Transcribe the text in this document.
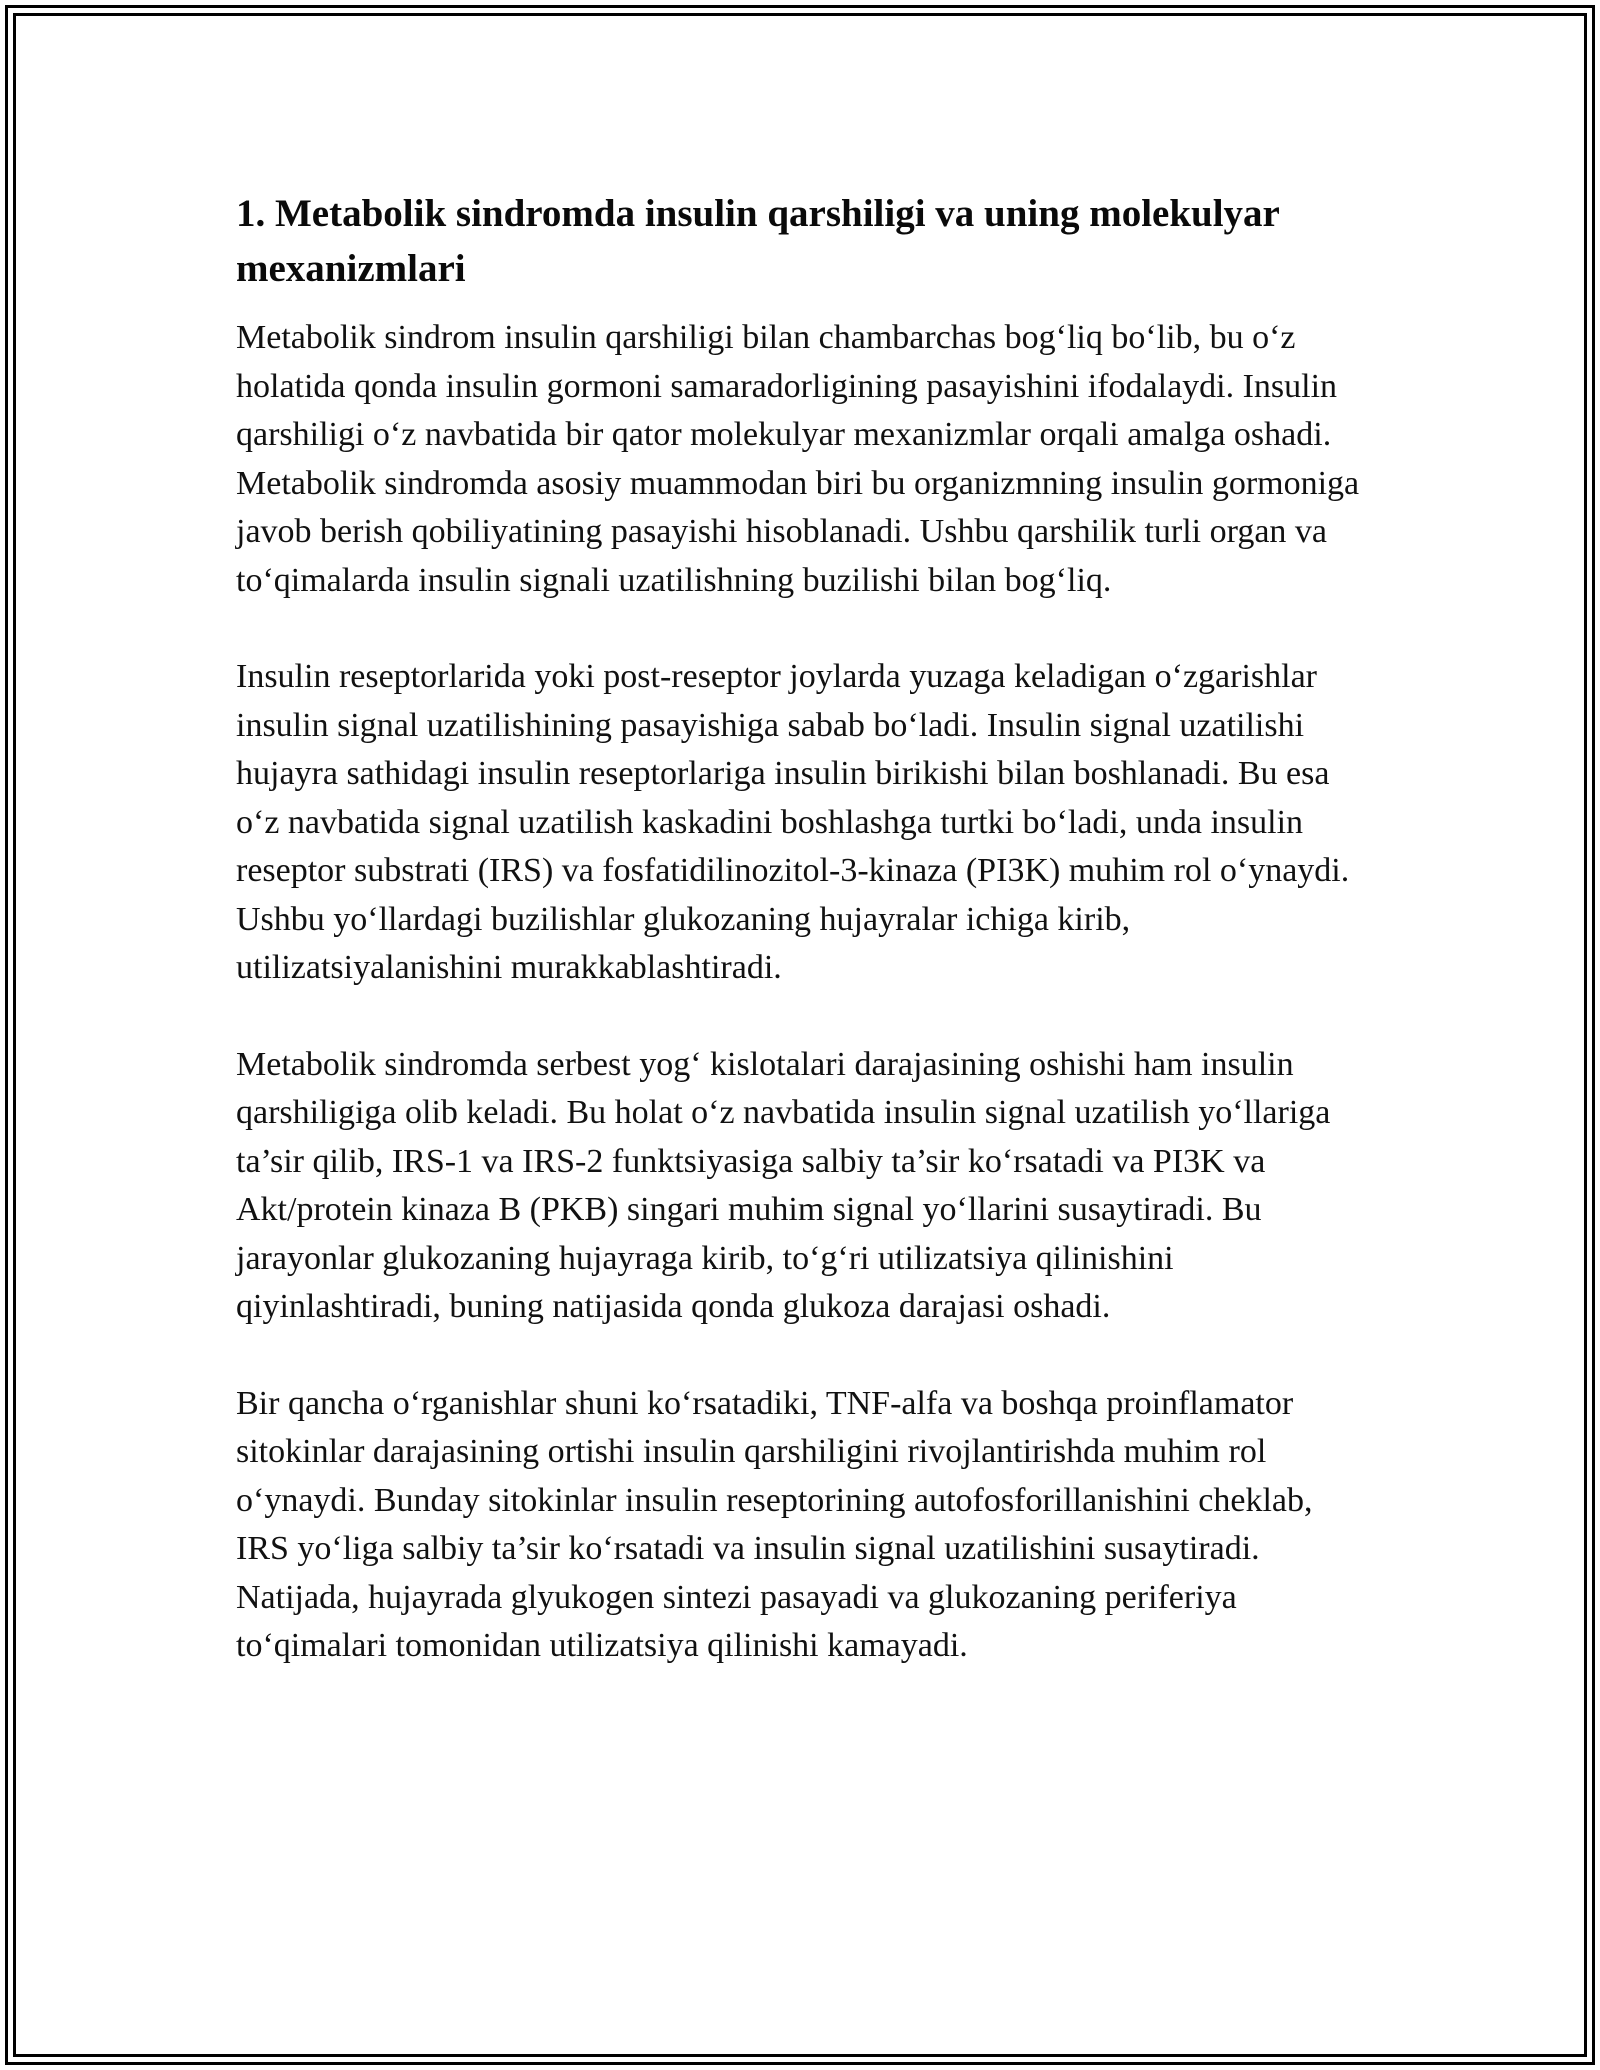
1. Metabolik sindromda insulin qarshiligi va uning molekulyar mexanizmlari

Metabolik sindrom insulin qarshiligi bilan chambarchas bog‘liq bo‘lib, bu o‘z holatida qonda insulin gormoni samaradorligining pasayishini ifodalaydi. Insulin qarshiligi o‘z navbatida bir qator molekulyar mexanizmlar orqali amalga oshadi. Metabolik sindromda asosiy muammodan biri bu organizmning insulin gormoniga javob berish qobiliyatining pasayishi hisoblanadi. Ushbu qarshilik turli organ va to‘qimalarda insulin signali uzatilishning buzilishi bilan bog‘liq.

Insulin reseptorlarida yoki post-reseptor joylarda yuzaga keladigan o‘zgarishlar insulin signal uzatilishining pasayishiga sabab bo‘ladi. Insulin signal uzatilishi hujayra sathidagi insulin reseptorlariga insulin birikishi bilan boshlanadi. Bu esa o‘z navbatida signal uzatilish kaskadini boshlashga turtki bo‘ladi, unda insulin reseptor substrati (IRS) va fosfatidilinozitol-3-kinaza (PI3K) muhim rol o‘ynaydi. Ushbu yo‘llardagi buzilishlar glukozaning hujayralar ichiga kirib, utilizatsiyalanishini murakkablashtiradi.

Metabolik sindromda serbest yog‘ kislotalari darajasining oshishi ham insulin qarshiligiga olib keladi. Bu holat o‘z navbatida insulin signal uzatilish yo‘llariga ta’sir qilib, IRS-1 va IRS-2 funktsiyasiga salbiy ta’sir ko‘rsatadi va PI3K va Akt/protein kinaza B (PKB) singari muhim signal yo‘llarini susaytiradi. Bu jarayonlar glukozaning hujayraga kirib, to‘g‘ri utilizatsiya qilinishini qiyinlashtiradi, buning natijasida qonda glukoza darajasi oshadi.

Bir qancha o‘rganishlar shuni ko‘rsatadiki, TNF-alfa va boshqa proinflamator sitokinlar darajasining ortishi insulin qarshiligini rivojlantirishda muhim rol o‘ynaydi. Bunday sitokinlar insulin reseptorining autofosforillanishini cheklab, IRS yo‘liga salbiy ta’sir ko‘rsatadi va insulin signal uzatilishini susaytiradi. Natijada, hujayrada glyukogen sintezi pasayadi va glukozaning periferiya to‘qimalari tomonidan utilizatsiya qilinishi kamayadi.
